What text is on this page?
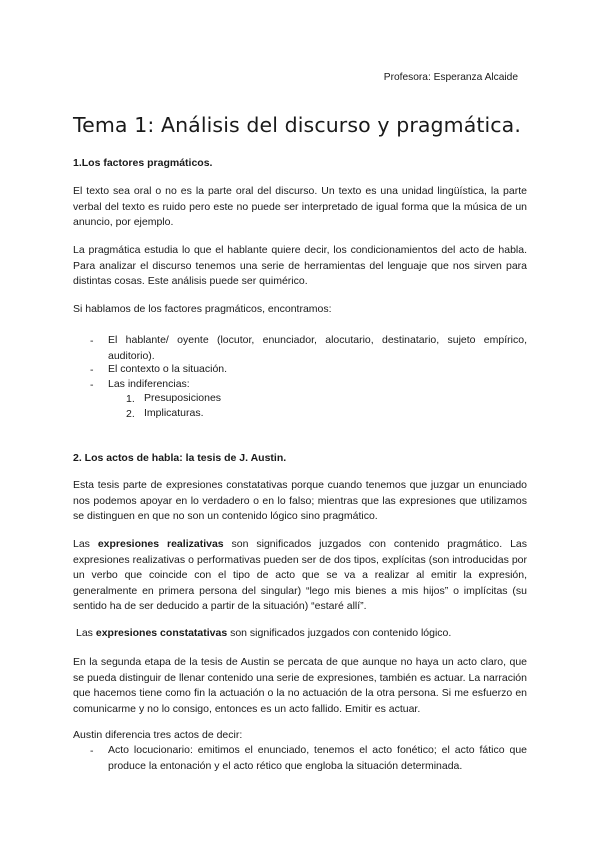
Profesora: Esperanza Alcaide
Tema 1: Análisis del discurso y pragmática.
1.Los factores pragmáticos.

El texto sea oral o no es la parte oral del discurso. Un texto es una unidad lingüística, la parte verbal del texto es ruido pero este no puede ser interpretado de igual forma que la música de un anuncio, por ejemplo.

La pragmática estudia lo que el hablante quiere decir, los condicionamientos del acto de habla. Para analizar el discurso tenemos una serie de herramientas del lenguaje que nos sirven para distintas cosas. Este análisis puede ser quimérico.

Si hablamos de los factores pragmáticos, encontramos:

- El hablante/ oyente (locutor, enunciador, alocutario, destinatario, sujeto empírico, auditorio).

- El contexto o la situación.

- Las indiferencias:

1. Presuposiciones

2. Implicaturas.

2. Los actos de habla: la tesis de J. Austin.

Esta tesis parte de expresiones constatativas porque cuando tenemos que juzgar un enunciado nos podemos apoyar en lo verdadero o en lo falso; mientras que las expresiones que utilizamos se distinguen en que no son un contenido lógico sino pragmático.

Las expresiones realizativas son significados juzgados con contenido pragmático. Las expresiones realizativas o performativas pueden ser de dos tipos, explícitas (son introducidas por un verbo que coincide con el tipo de acto que se va a realizar al emitir la expresión, generalmente en primera persona del singular) “lego mis bienes a mis hijos” o implícitas (su sentido ha de ser deducido a partir de la situación) “estaré allí”.

Las expresiones constatativas son significados juzgados con contenido lógico.

En la segunda etapa de la tesis de Austin se percata de que aunque no haya un acto claro, que se pueda distinguir de llenar contenido una serie de expresiones, también es actuar. La narración que hacemos tiene como fin la actuación o la no actuación de la otra persona. Si me esfuerzo en comunicarme y no lo consigo, entonces es un acto fallido. Emitir es actuar.

Austin diferencia tres actos de decir:

- Acto locucionario: emitimos el enunciado, tenemos el acto fonético; el acto fático que produce la entonación y el acto rético que engloba la situación determinada.
